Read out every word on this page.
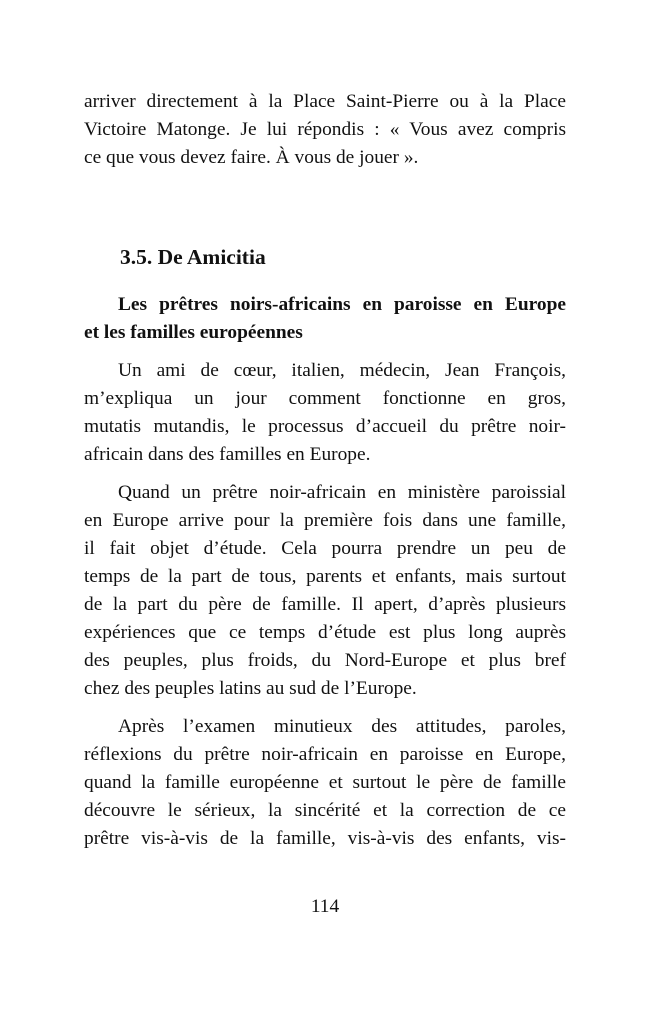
arriver directement à la Place Saint-Pierre ou à la Place
Victoire Matonge. Je lui répondis : « Vous avez compris
ce que vous devez faire. À vous de jouer ».
3.5. De Amicitia
Les prêtres noirs-africains en paroisse en Europe
et les familles européennes
Un ami de cœur, italien, médecin, Jean François,
m’expliqua un jour comment fonctionne en gros,
mutatis mutandis, le processus d’accueil du prêtre noir-
africain dans des familles en Europe.
Quand un prêtre noir-africain en ministère paroissial
en Europe arrive pour la première fois dans une famille,
il fait objet d’étude. Cela pourra prendre un peu de
temps de la part de tous, parents et enfants, mais surtout
de la part du père de famille. Il apert, d’après plusieurs
expériences que ce temps d’étude est plus long auprès
des peuples, plus froids, du Nord-Europe et plus bref
chez des peuples latins au sud de l’Europe.
Après l’examen minutieux des attitudes, paroles,
réflexions du prêtre noir-africain en paroisse en Europe,
quand la famille européenne et surtout le père de famille
découvre le sérieux, la sincérité et la correction de ce
prêtre vis-à-vis de la famille, vis-à-vis des enfants, vis-
114
